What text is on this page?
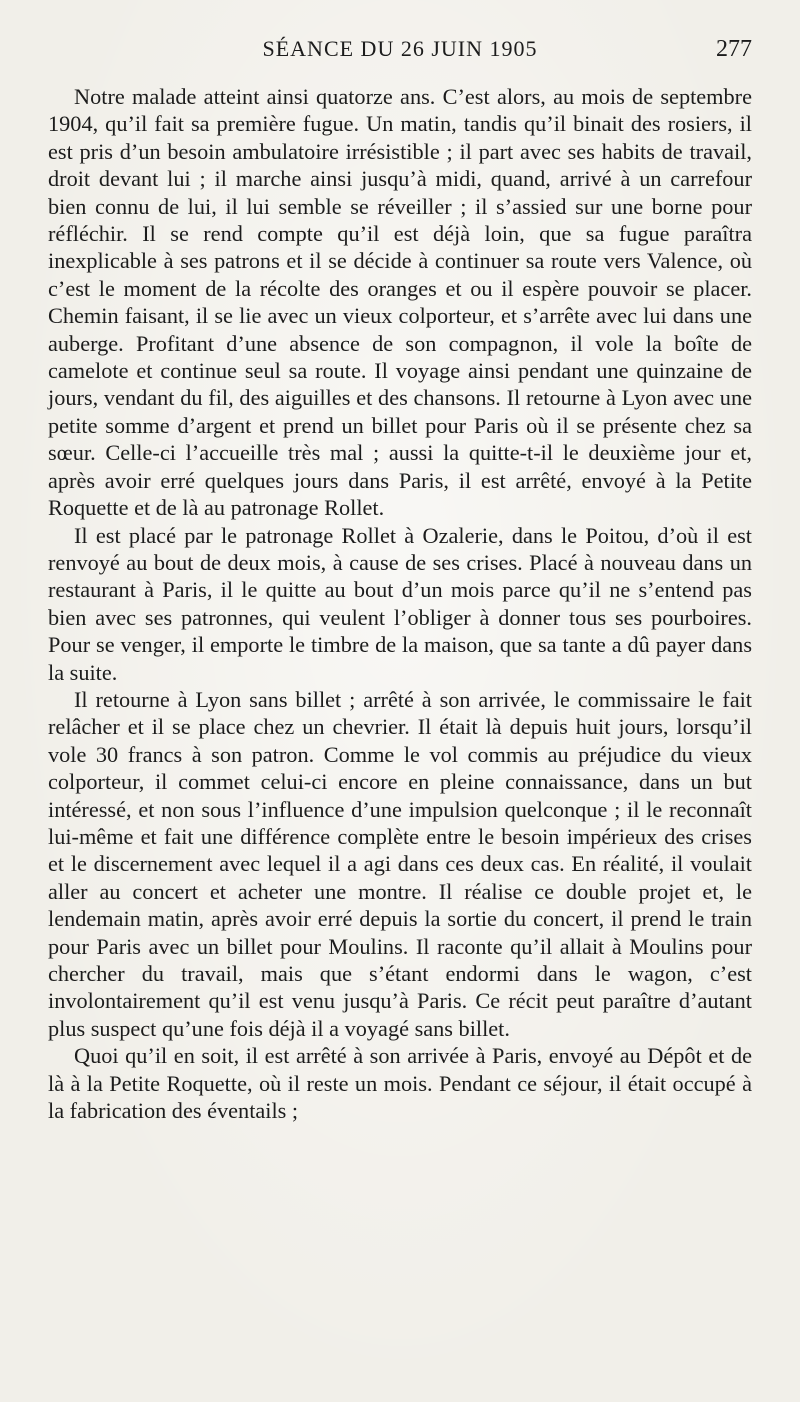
SÉANCE DU 26 JUIN 1905	277

Notre malade atteint ainsi quatorze ans. C’est alors, au mois de septembre 1904, qu’il fait sa première fugue. Un matin, tandis qu’il binait des rosiers, il est pris d’un besoin ambulatoire irrésistible ; il part avec ses habits de travail, droit devant lui ; il marche ainsi jusqu’à midi, quand, arrivé à un carrefour bien connu de lui, il lui semble se réveiller ; il s’assied sur une borne pour réfléchir. Il se rend compte qu’il est déjà loin, que sa fugue paraîtra inexplicable à ses patrons et il se décide à continuer sa route vers Valence, où c’est le moment de la récolte des oranges et ou il espère pouvoir se placer. Chemin faisant, il se lie avec un vieux colporteur, et s’arrête avec lui dans une auberge. Profitant d’une absence de son compagnon, il vole la boîte de camelote et continue seul sa route. Il voyage ainsi pendant une quinzaine de jours, vendant du fil, des aiguilles et des chansons. Il retourne à Lyon avec une petite somme d’argent et prend un billet pour Paris où il se présente chez sa sœur. Celle-ci l’accueille très mal ; aussi la quitte-t-il le deuxième jour et, après avoir erré quelques jours dans Paris, il est arrêté, envoyé à la Petite Roquette et de là au patronage Rollet.

Il est placé par le patronage Rollet à Ozalerie, dans le Poitou, d’où il est renvoyé au bout de deux mois, à cause de ses crises. Placé à nouveau dans un restaurant à Paris, il le quitte au bout d’un mois parce qu’il ne s’entend pas bien avec ses patronnes, qui veulent l’obliger à donner tous ses pourboires. Pour se venger, il emporte le timbre de la maison, que sa tante a dû payer dans la suite.

Il retourne à Lyon sans billet ; arrêté à son arrivée, le commissaire le fait relâcher et il se place chez un chevrier. Il était là depuis huit jours, lorsqu’il vole 30 francs à son patron. Comme le vol commis au préjudice du vieux colporteur, il commet celui-ci encore en pleine connaissance, dans un but intéressé, et non sous l’influence d’une impulsion quelconque ; il le reconnaît lui-même et fait une différence complète entre le besoin impérieux des crises et le discernement avec lequel il a agi dans ces deux cas. En réalité, il voulait aller au concert et acheter une montre. Il réalise ce double projet et, le lendemain matin, après avoir erré depuis la sortie du concert, il prend le train pour Paris avec un billet pour Moulins. Il raconte qu’il allait à Moulins pour chercher du travail, mais que s’étant endormi dans le wagon, c’est involontairement qu’il est venu jusqu’à Paris. Ce récit peut paraître d’autant plus suspect qu’une fois déjà il a voyagé sans billet.

Quoi qu’il en soit, il est arrêté à son arrivée à Paris, envoyé au Dépôt et de là à la Petite Roquette, où il reste un mois. Pendant ce séjour, il était occupé à la fabrication des éventails ;
